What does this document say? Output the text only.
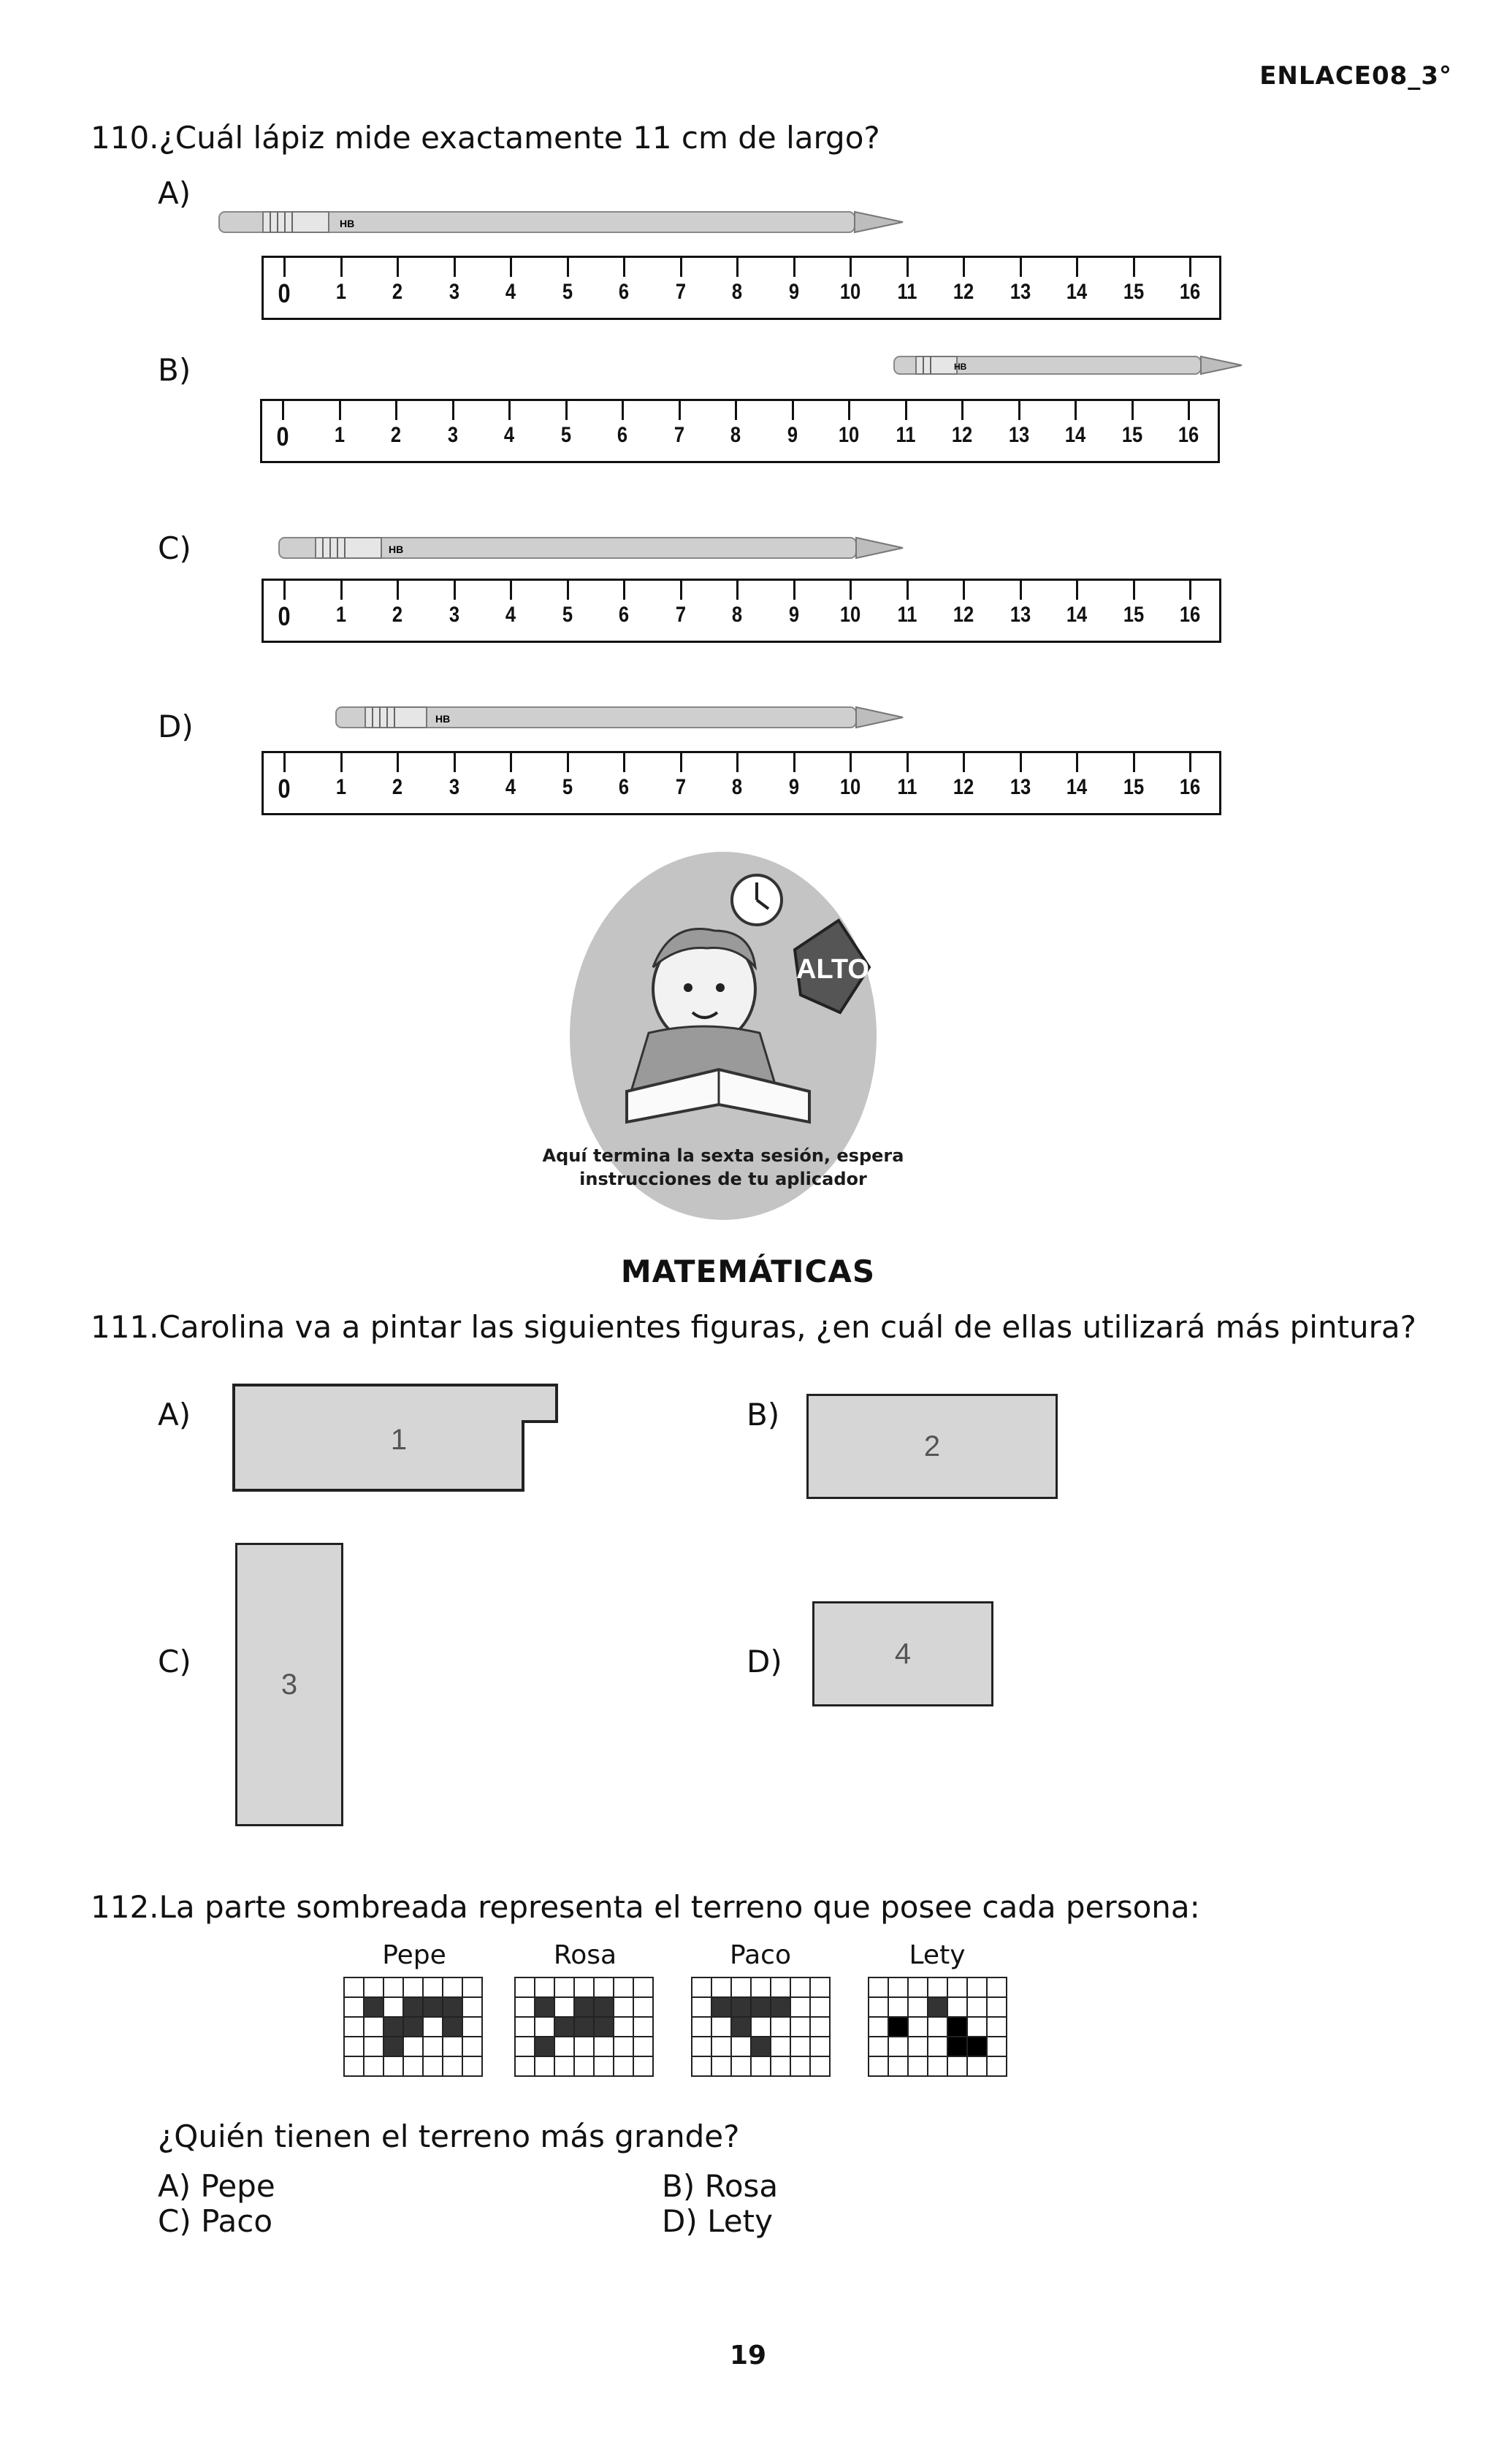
ENLACE08_3°
110.¿Cuál lápiz mide exactamente 11 cm de largo?
A)
B)
C)
D)
HB
HB
HB
HB
0 1 2 3 4 5 6 7 8 9 10 11 12 13 14 15 16
0 1 2 3 4 5 6 7 8 9 10 11 12 13 14 15 16
0 1 2 3 4 5 6 7 8 9 10 11 12 13 14 15 16
0 1 2 3 4 5 6 7 8 9 10 11 12 13 14 15 16
ALTO
Aquí termina la sexta sesión, espera
instrucciones de tu aplicador
MATEMÁTICAS
111.Carolina va a pintar las siguientes figuras, ¿en cuál de ellas utilizará más pintura?
A)
1
B)
2
C)
3
D)	4
112.La parte sombreada representa el terreno que posee cada persona:
Pepe	Rosa	Paco	Lety
¿Quién tienen el terreno más grande?
A) Pepe	B) Rosa
C) Paco	D) Lety
19
